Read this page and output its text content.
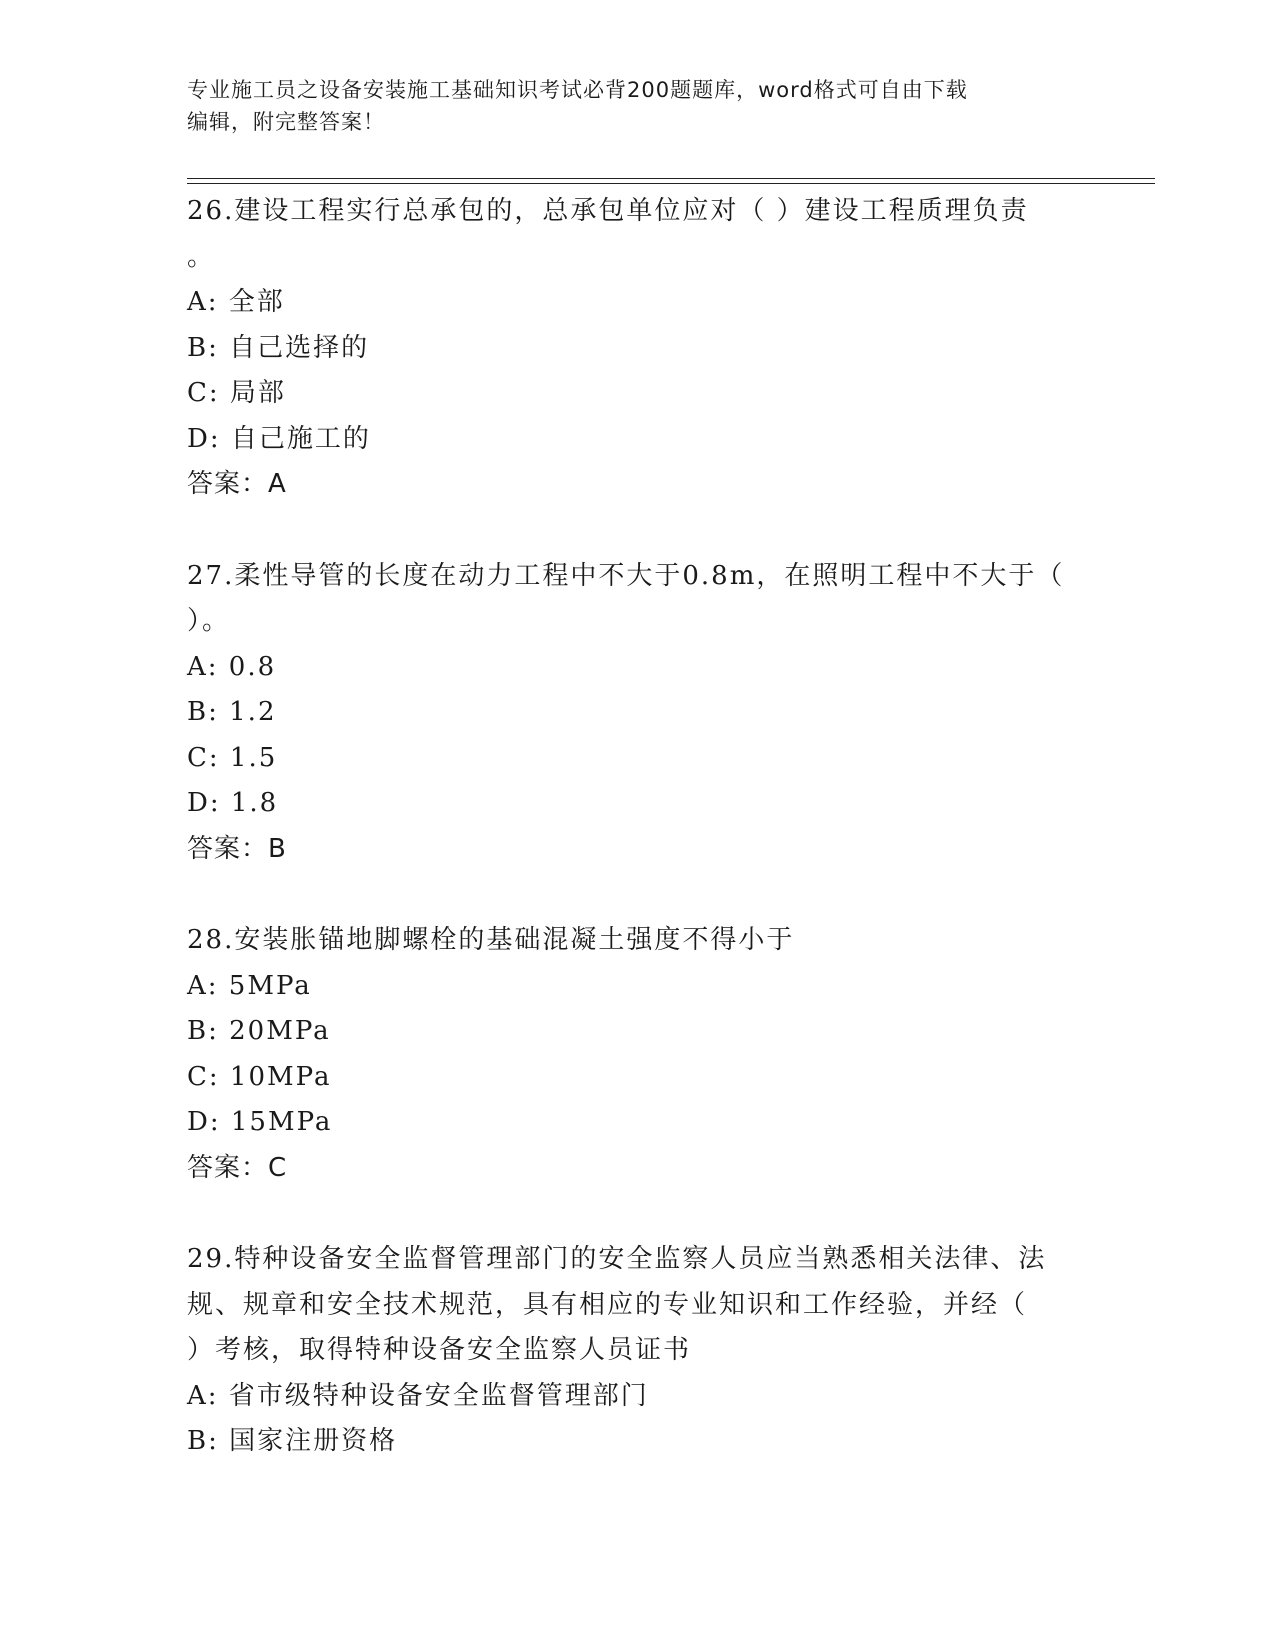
专业施工员之设备安装施工基础知识考试必背200题题库，word格式可自由下载
编辑，附完整答案！
26.建设工程实行总承包的，总承包单位应对（ ）建设工程质理负责
。
A: 全部
B: 自己选择的
C: 局部
D: 自己施工的
答案：A
27.柔性导管的长度在动力工程中不大于0.8m，在照明工程中不大于（
）。
A: 0.8
B: 1.2
C: 1.5
D: 1.8
答案：B
28.安装胀锚地脚螺栓的基础混凝土强度不得小于
A: 5MPa
B: 20MPa
C: 10MPa
D: 15MPa
答案：C
29.特种设备安全监督管理部门的安全监察人员应当熟悉相关法律、法
规、规章和安全技术规范，具有相应的专业知识和工作经验，并经（
）考核，取得特种设备安全监察人员证书
A: 省市级特种设备安全监督管理部门
B: 国家注册资格
